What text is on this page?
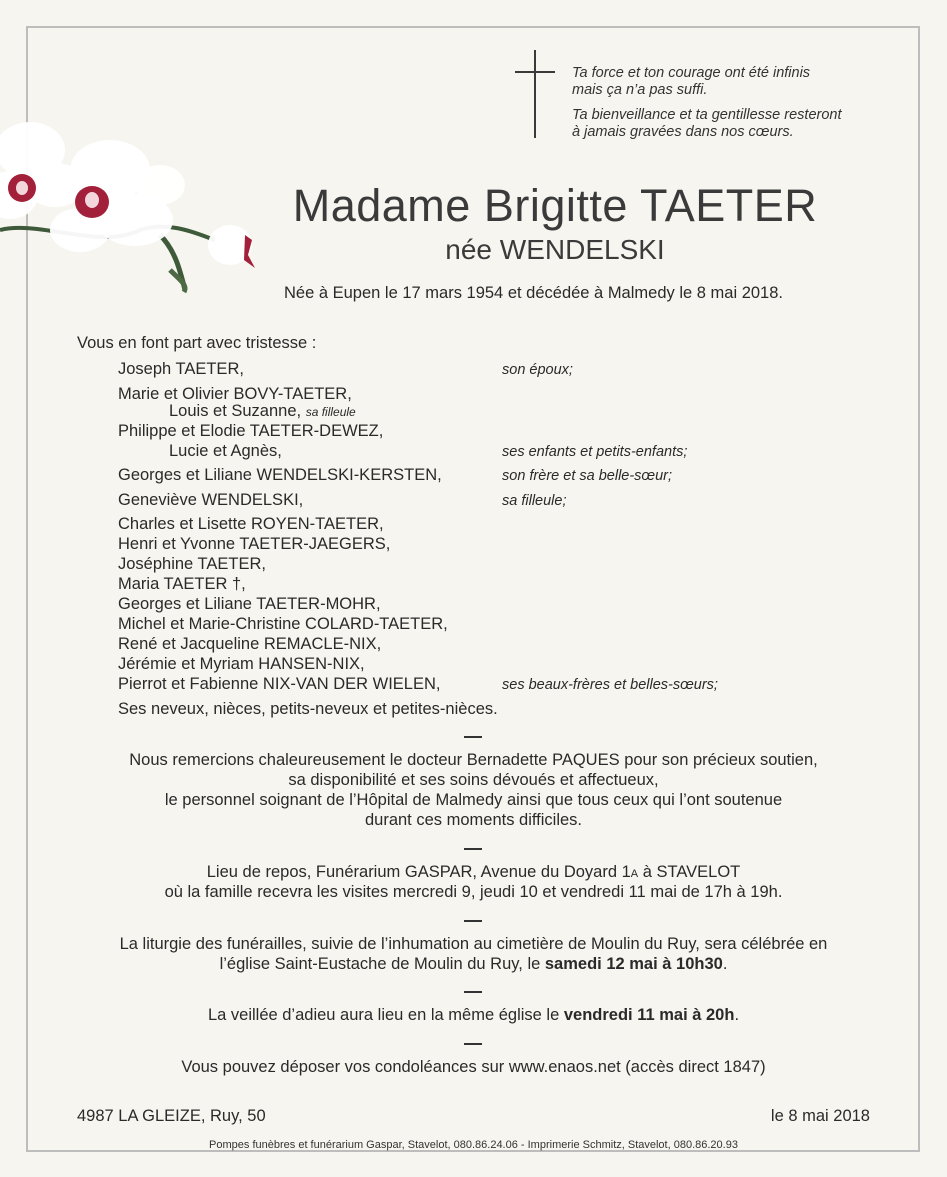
Ta force et ton courage ont été infinis
mais ça n’a pas suffi.
Ta bienveillance et ta gentillesse resteront
à jamais gravées dans nos cœurs.
Madame Brigitte TAETER
née WENDELSKI
Née à Eupen le 17 mars 1954 et décédée à Malmedy le 8 mai 2018.
Vous en font part avec tristesse :
Joseph TAETER,	son époux;
Marie et Olivier BOVY-TAETER,
Louis et Suzanne, sa filleule
Philippe et Elodie TAETER-DEWEZ,
Lucie et Agnès,	ses enfants et petits-enfants;
Georges et Liliane WENDELSKI-KERSTEN,	son frère et sa belle-sœur;
Geneviève WENDELSKI,	sa filleule;
Charles et Lisette ROYEN-TAETER,
Henri et Yvonne TAETER-JAEGERS,
Joséphine TAETER,
Maria TAETER †,
Georges et Liliane TAETER-MOHR,
Michel et Marie-Christine COLARD-TAETER,
René et Jacqueline REMACLE-NIX,
Jérémie et Myriam HANSEN-NIX,
Pierrot et Fabienne NIX-VAN DER WIELEN,	ses beaux-frères et belles-sœurs;
Ses neveux, nièces, petits-neveux et petites-nièces.
Nous remercions chaleureusement le docteur Bernadette PAQUES pour son précieux soutien,
sa disponibilité et ses soins dévoués et affectueux,
le personnel soignant de l’Hôpital de Malmedy ainsi que tous ceux qui l’ont soutenue
durant ces moments difficiles.
Lieu de repos, Funérarium GASPAR, Avenue du Doyard 1A à STAVELOT
où la famille recevra les visites mercredi 9, jeudi 10 et vendredi 11 mai de 17h à 19h.
La liturgie des funérailles, suivie de l’inhumation au cimetière de Moulin du Ruy, sera célébrée en
l’église Saint-Eustache de Moulin du Ruy, le samedi 12 mai à 10h30.
La veillée d’adieu aura lieu en la même église le vendredi 11 mai à 20h.
Vous pouvez déposer vos condoléances sur www.enaos.net (accès direct 1847)
4987 LA GLEIZE, Ruy, 50	le 8 mai 2018
Pompes funèbres et funérarium Gaspar, Stavelot, 080.86.24.06 - Imprimerie Schmitz, Stavelot, 080.86.20.93
